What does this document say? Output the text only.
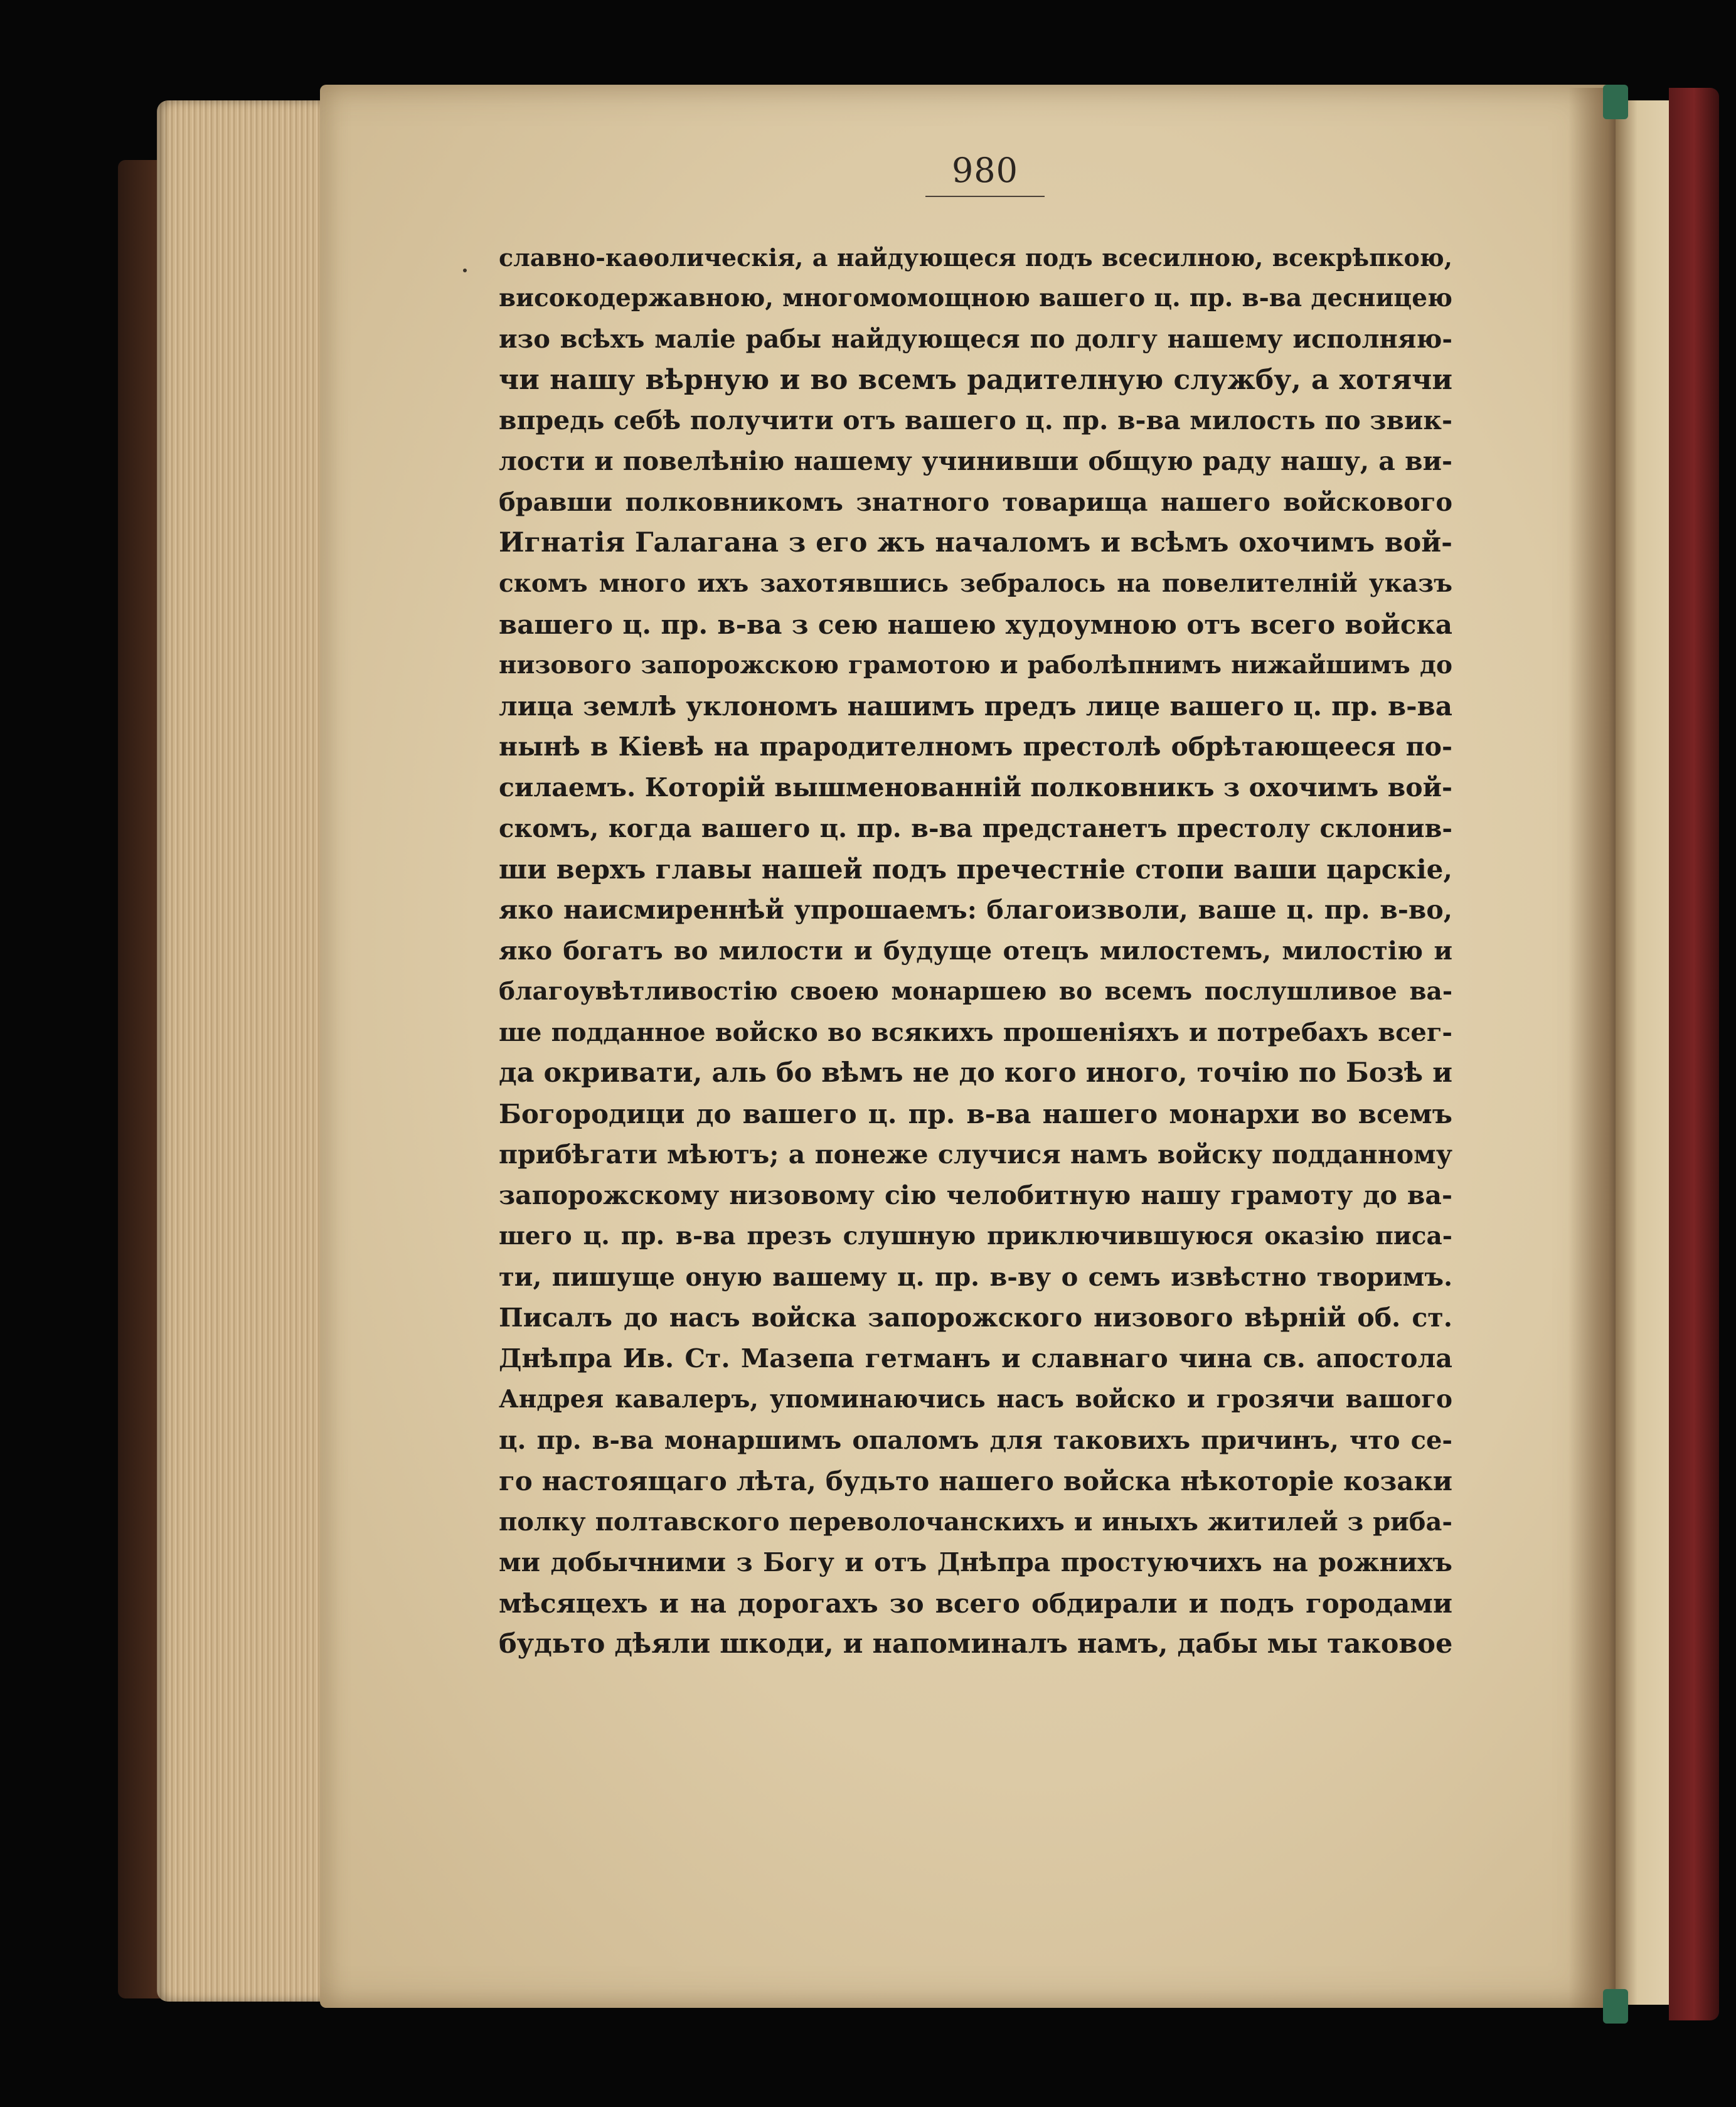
980
славно-каѳолическія, а найдующеся подъ всесилною, всекрѣпкою,
високодержавною, многомомощною вашего ц. пр. в-ва десницею
изо всѣхъ маліе рабы найдующеся по долгу нашему исполняю-
чи нашу вѣрную и во всемъ радителную службу, а хотячи
впредь себѣ получити отъ вашего ц. пр. в-ва милость по звик-
лости и повелѣнію нашему учинивши общую раду нашу, а ви-
бравши полковникомъ знатного товарища нашего войскового
Игнатія Галагана з его жъ началомъ и всѣмъ охочимъ вой-
скомъ много ихъ захотявшись зебралось на повелителній указъ
вашего ц. пр. в-ва з сею нашею худоумною отъ всего войска
низового запорожскою грамотою и раболѣпнимъ нижайшимъ до
лица землѣ уклономъ нашимъ предъ лице вашего ц. пр. в-ва
нынѣ в Кіевѣ на прародителномъ престолѣ обрѣтающееся по-
силаемъ. Которій вышменованній полковникъ з охочимъ вой-
скомъ, когда вашего ц. пр. в-ва предстанетъ престолу склонив-
ши верхъ главы нашей подъ пречестніе стопи ваши царскіе,
яко наисмиреннѣй упрошаемъ: благоизволи, ваше ц. пр. в-во,
яко богатъ во милости и будуще отецъ милостемъ, милостію и
благоувѣтливостію своею монаршею во всемъ послушливое ва-
ше подданное войско во всякихъ прошеніяхъ и потребахъ всег-
да окривати, аль бо вѣмъ не до кого иного, точію по Бозѣ и
Богородици до вашего ц. пр. в-ва нашего монархи во всемъ
прибѣгати мѣютъ; а понеже случися намъ войску подданному
запорожскому низовому сію челобитную нашу грамоту до ва-
шего ц. пр. в-ва презъ слушную приключившуюся оказію писа-
ти, пишуще оную вашему ц. пр. в-ву о семъ извѣстно творимъ.
Писалъ до насъ войска запорожского низового вѣрній об. ст.
Днѣпра Ив. Ст. Мазепа гетманъ и славнаго чина св. апостола
Андрея кавалеръ, упоминаючись насъ войско и грозячи вашого
ц. пр. в-ва монаршимъ опаломъ для таковихъ причинъ, что се-
го настоящаго лѣта, будьто нашего войска нѣкоторіе козаки
полку полтавского переволочанскихъ и иныхъ житилей з риба-
ми добычними з Богу и отъ Днѣпра простуючихъ на рожнихъ
мѣсяцехъ и на дорогахъ зо всего обдирали и подъ городами
будьто дѣяли шкоди, и напоминалъ намъ, дабы мы таковое
